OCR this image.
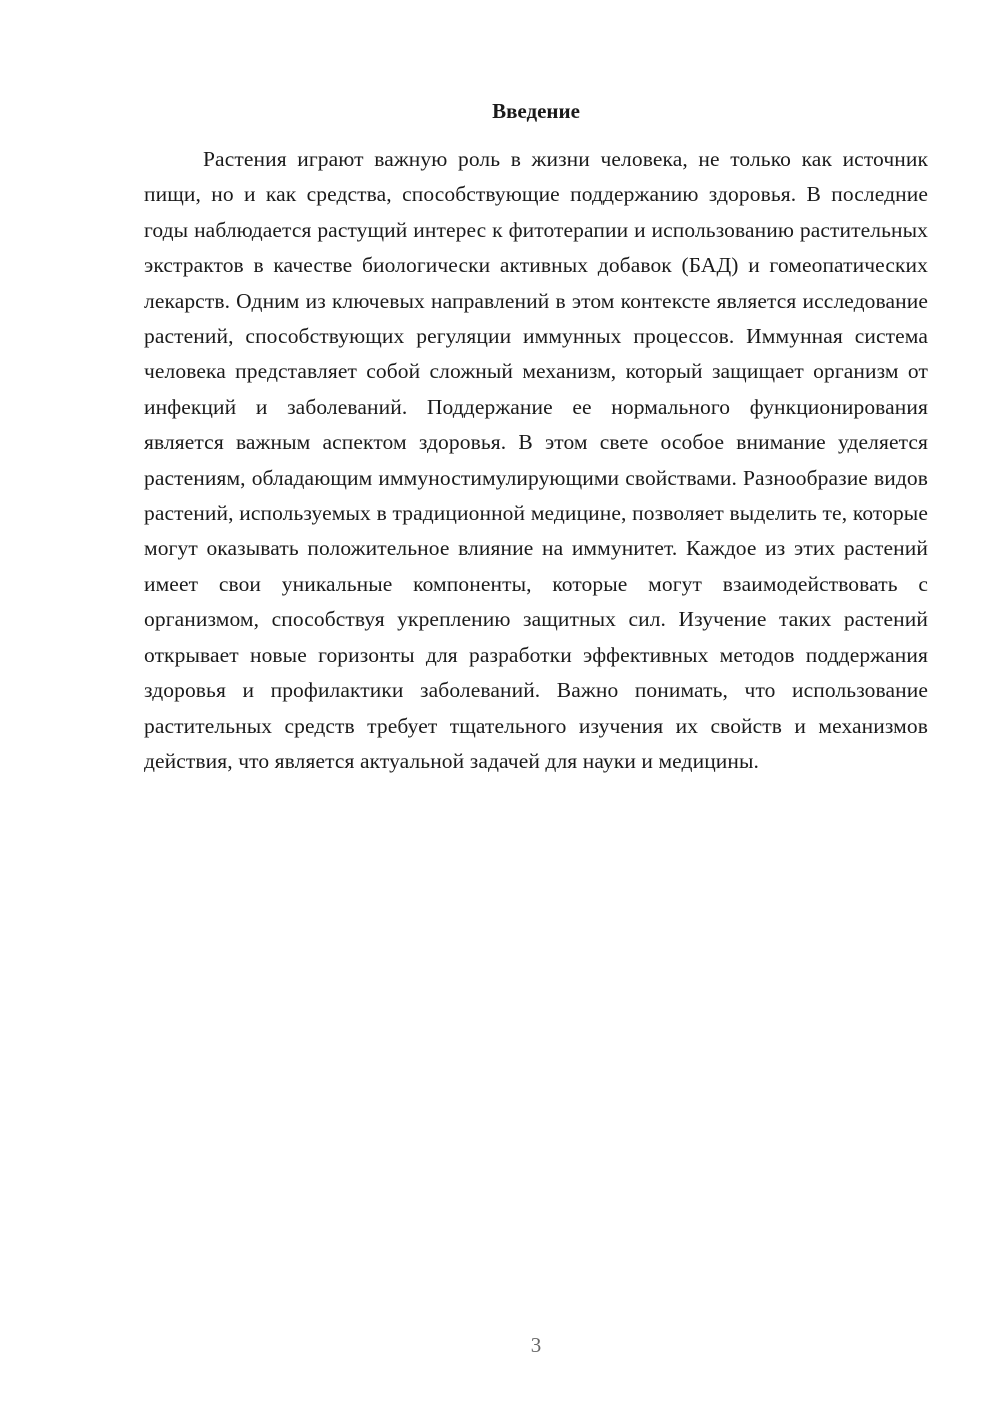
Введение

Растения играют важную роль в жизни человека, не только как источник пищи, но и как средства, способствующие поддержанию здоровья. В последние годы наблюдается растущий интерес к фитотерапии и использованию растительных экстрактов в качестве биологически активных добавок (БАД) и гомеопатических лекарств. Одним из ключевых направлений в этом контексте является исследование растений, способствующих регуляции иммунных процессов. Иммунная система человека представляет собой сложный механизм, который защищает организм от инфекций и заболеваний. Поддержание ее нормального функционирования является важным аспектом здоровья. В этом свете особое внимание уделяется растениям, обладающим иммуностимулирующими свойствами. Разнообразие видов растений, используемых в традиционной медицине, позволяет выделить те, которые могут оказывать положительное влияние на иммунитет. Каждое из этих растений имеет свои уникальные компоненты, которые могут взаимодействовать с организмом, способствуя укреплению защитных сил. Изучение таких растений открывает новые горизонты для разработки эффективных методов поддержания здоровья и профилактики заболеваний. Важно понимать, что использование растительных средств требует тщательного изучения их свойств и механизмов действия, что является актуальной задачей для науки и медицины.

3
